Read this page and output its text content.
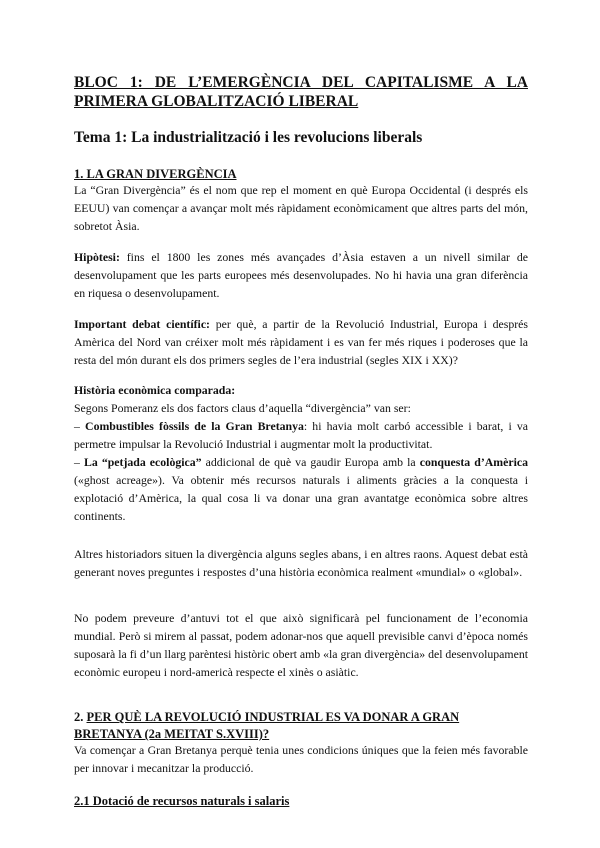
BLOC 1: DE L’EMERGÈNCIA DEL CAPITALISME A LA PRIMERA GLOBALITZACIÓ LIBERAL
Tema 1: La industrialització i les revolucions liberals
1. LA GRAN DIVERGÈNCIA

La “Gran Divergència” és el nom que rep el moment en què Europa Occidental (i després els EEUU) van començar a avançar molt més ràpidament econòmicament que altres parts del món, sobretot Àsia.

Hipòtesi: fins el 1800 les zones més avançades d’Àsia estaven a un nivell similar de desenvolupament que les parts europees més desenvolupades. No hi havia una gran diferència en riquesa o desenvolupament.

Important debat científic: per què, a partir de la Revolució Industrial, Europa i després Amèrica del Nord van créixer molt més ràpidament i es van fer més riques i poderoses que la resta del món durant els dos primers segles de l’era industrial (segles XIX i XX)?

Història econòmica comparada:
Segons Pomeranz els dos factors claus d’aquella “divergència” van ser:
– Combustibles fòssils de la Gran Bretanya: hi havia molt carbó accessible i barat, i va permetre impulsar la Revolució Industrial i augmentar molt la productivitat.
– La “petjada ecològica” addicional de què va gaudir Europa amb la conquesta d’Amèrica («ghost acreage»). Va obtenir més recursos naturals i aliments gràcies a la conquesta i explotació d’Amèrica, la qual cosa li va donar una gran avantatge econòmica sobre altres continents.

Altres historiadors situen la divergència alguns segles abans, i en altres raons. Aquest debat està generant noves preguntes i respostes d’una història econòmica realment «mundial» o «global».

No podem preveure d’antuvi tot el que això significarà pel funcionament de l’economia mundial. Però si mirem al passat, podem adonar-nos que aquell previsible canvi d’època només suposarà la fi d’un llarg parèntesi històric obert amb «la gran divergència» del desenvolupament econòmic europeu i nord-americà respecte el xinès o asiàtic.

2. PER QUÈ LA REVOLUCIÓ INDUSTRIAL ES VA DONAR A GRAN BRETANYA (2a MEITAT S.XVIII)?

Va començar a Gran Bretanya perquè tenia unes condicions úniques que la feien més favorable per innovar i mecanitzar la producció.

2.1 Dotació de recursos naturals i salaris
